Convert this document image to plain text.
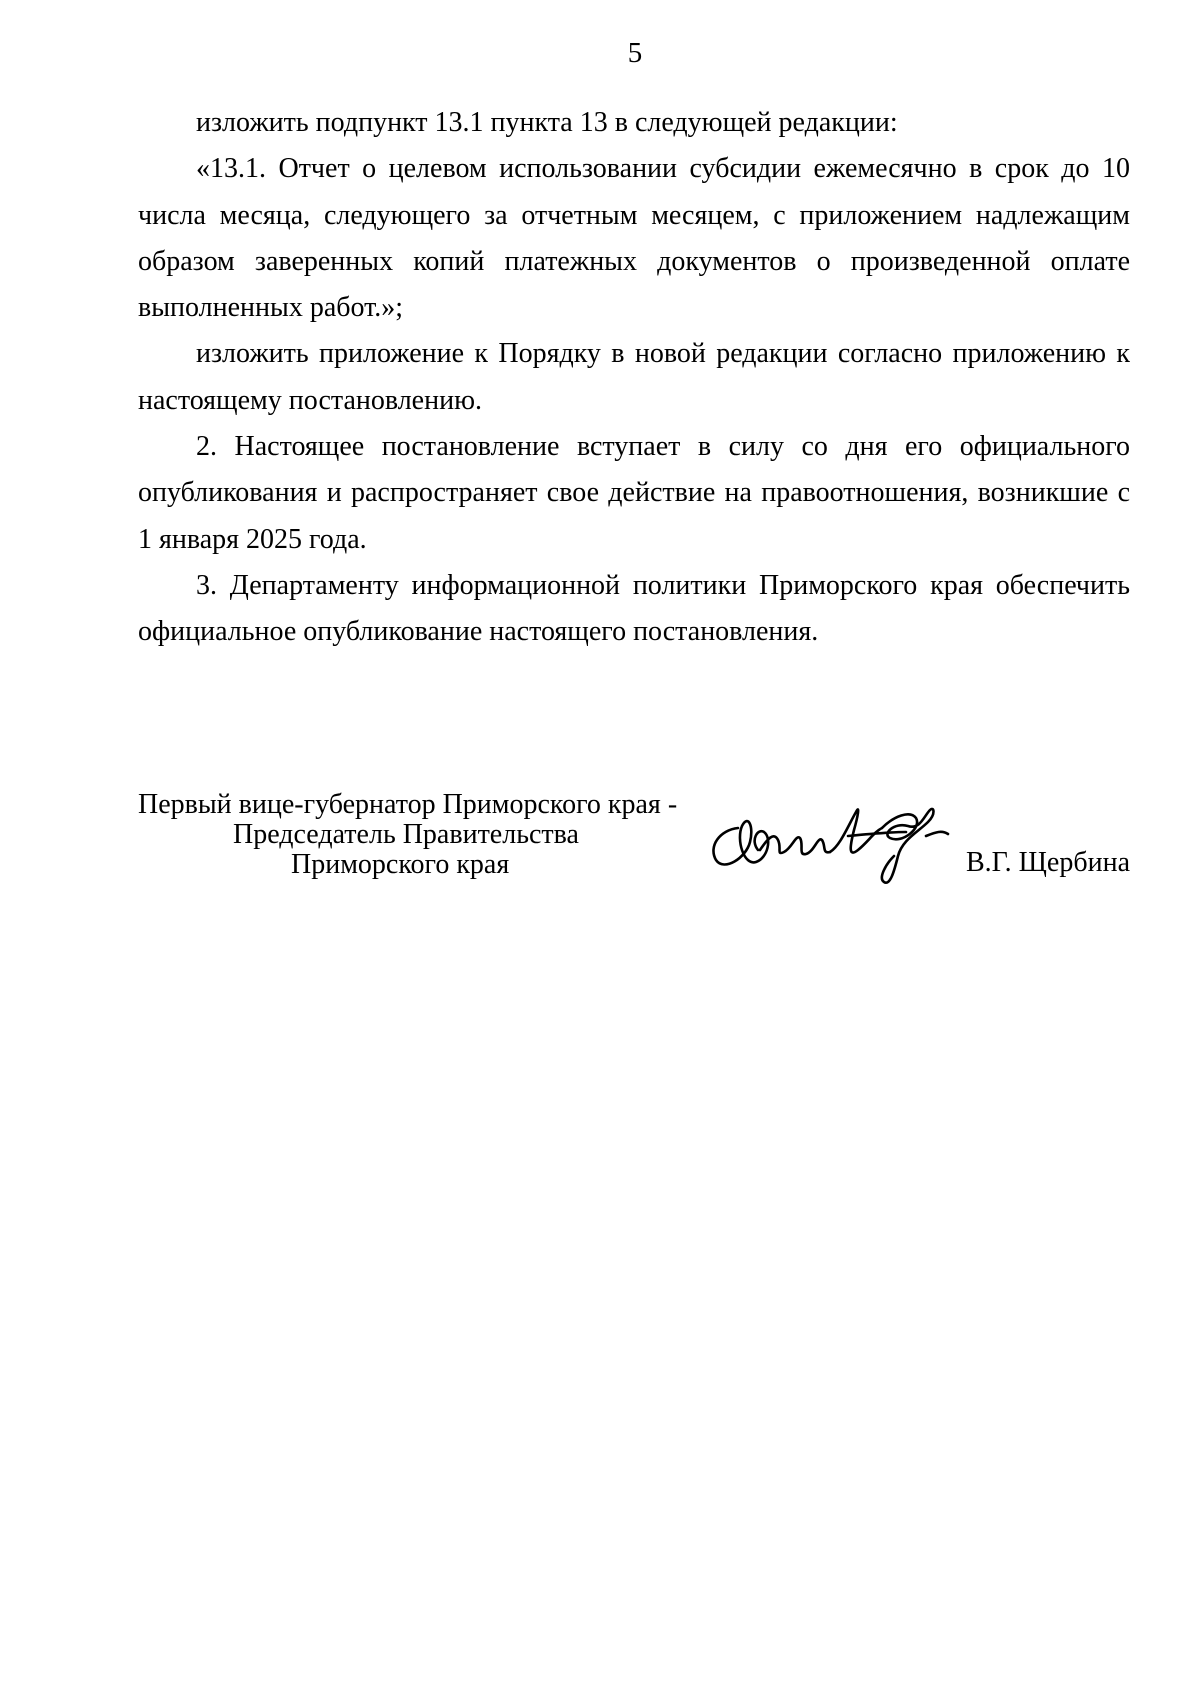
5

изложить подпункт 13.1 пункта 13 в следующей редакции:

«13.1. Отчет о целевом использовании субсидии ежемесячно в срок до 10 числа месяца, следующего за отчетным месяцем, с приложением надлежащим образом заверенных копий платежных документов о произведенной оплате выполненных работ.»;

изложить приложение к Порядку в новой редакции согласно приложению к настоящему постановлению.

2. Настоящее постановление вступает в силу со дня его официального опубликования и распространяет свое действие на правоотношения, возникшие с 1 января 2025 года.

3. Департаменту информационной политики Приморского края обеспечить официальное опубликование настоящего постановления.

Первый вице-губернатор Приморского края -
Председатель Правительства
Приморского края	В.Г. Щербина
